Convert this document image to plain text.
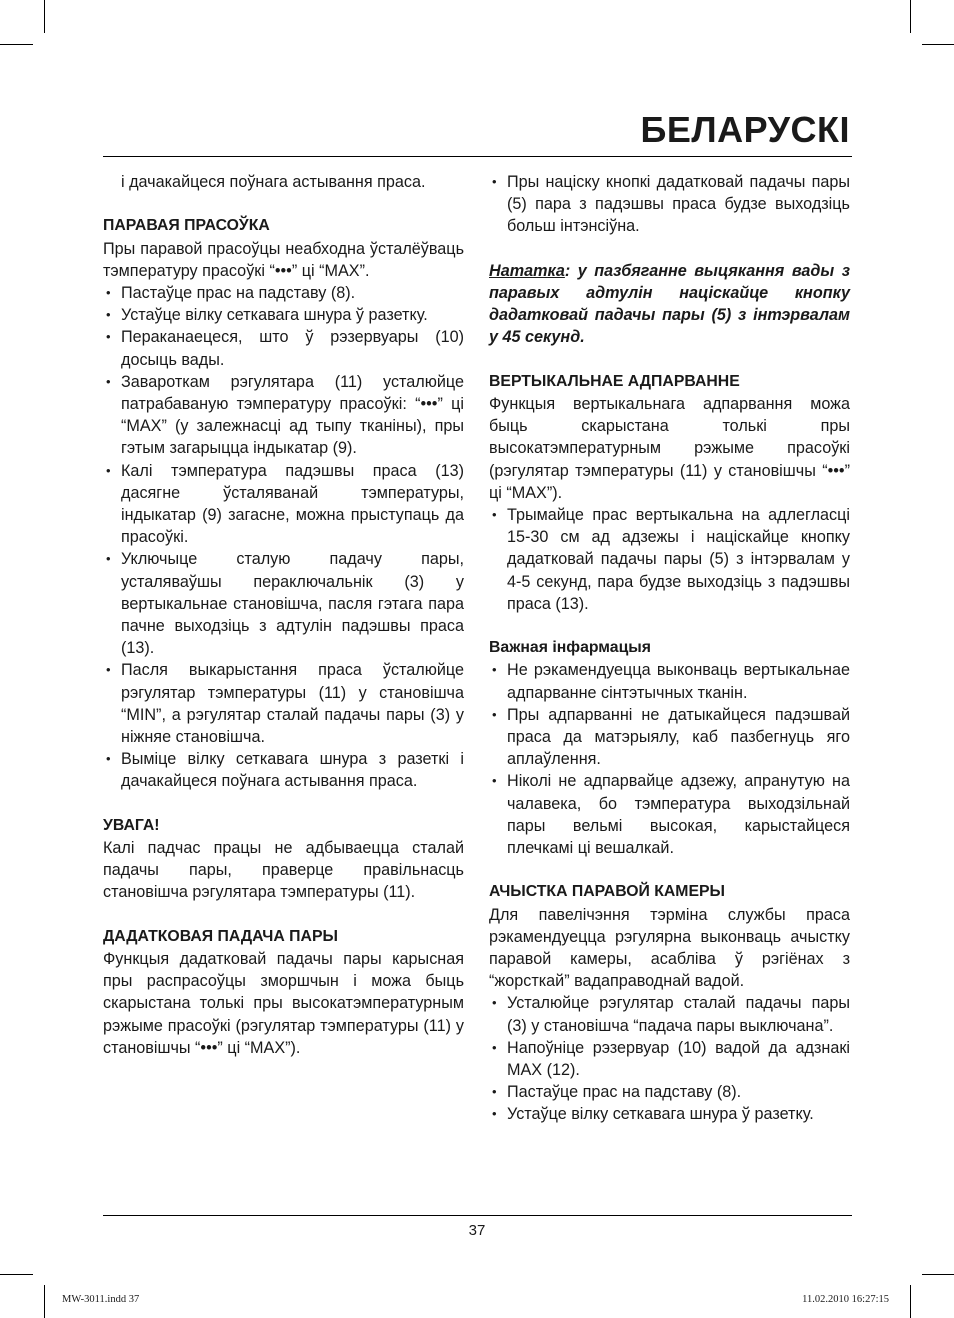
БЕЛАРУСКІ

і дачакайцеся поўнага астывання праса.

ПАРАВАЯ ПРАСОЎКА

Пры паравой прасоўцы неабходна ўсталёўваць тэмпературу прасоўкі “•••” ці “MAX”.

• Пастаўце прас на падставу (8).
• Устаўце вілку сеткавага шнура ў разетку.
• Пераканаецеся, што ў рэзервуары (10) досыць вады.
• Завароткам рэгулятара (11) усталюйце патрабаваную тэмпературу прасоўкі: “•••” ці “MAX” (у залежнасці ад тыпу тканіны), пры гэтым загарыцца індыкатар (9).
• Калі тэмпература падэшвы праса (13) дасягне ўсталяванай тэмпературы, індыкатар (9) загасне, можна прыступаць да прасоўкі.
• Уключыце сталую падачу пары, усталяваўшы пераключальнік (3) у вертыкальнае становішча, пасля гэтага пара пачне выходзіць з адтулін падэшвы праса (13).
• Пасля выкарыстання праса ўсталюйце рэгулятар тэмпературы (11) у становішча “MIN”, а рэгулятар сталай падачы пары (3) у ніжняе становішча.
• Выміце вілку сеткавага шнура з разеткі і дачакайцеся поўнага астывання праса.
УВАГА!

Калі падчас працы не адбываецца сталай падачы пары, праверце правільнасць становішча рэгулятара тэмпературы (11).

ДАДАТКОВАЯ ПАДАЧА ПАРЫ

Функцыя дадатковай падачы пары карысная пры распрасоўцы зморшчын і можа быць скарыстана толькі пры высокатэмпературным рэжыме прасоўкі (рэгулятар тэмпературы (11) у становішчы “•••” ці “MAX”).

• Пры націску кнопкі дадатковай падачы пары (5) пара з падэшвы праса будзе выходзіць больш інтэнсіўна.

Нататка: у пазбяганне выцякання вады з паравых адтулін націскайце кнопку дадатковай падачы пары (5) з інтэрвалам у 45 секунд.

ВЕРТЫКАЛЬНАЕ АДПАРВАННЕ

Функцыя вертыкальнага адпарвання можа быць скарыстана толькі пры высокатэмпературным рэжыме прасоўкі (рэгулятар тэмпературы (11) у становішчы “•••” ці “MAX”).

• Трымайце прас вертыкальна на адлегласці 15-30 см ад адзежы і націскайце кнопку дадатковай падачы пары (5) з інтэрвалам у 4-5 секунд, пара будзе выходзіць з падэшвы праса (13).
Важная інфармацыя
• Не рэкамендуецца выконваць вертыкальнае адпарванне сінтэтычных тканін.
• Пры адпарванні не датыкайцеся падэшвай праса да матэрыялу, каб пазбегнуць яго аплаўлення.
• Ніколі не адпарвайце адзежу, апранутую на чалавека, бо тэмпература выходзільнай пары вельмі высокая, карыстайцеся плечкамі ці вешалкай.
АЧЫСТКА ПАРАВОЙ КАМЕРЫ

Для павелічэння тэрміна службы праса рэкамендуецца рэгулярна выконваць ачыстку паравой камеры, асабліва ў рэгіёнах з “жорсткай” вадаправоднай вадой.

• Усталюйце рэгулятар сталай падачы пары (3) у становішча “падача пары выключана”.
• Напоўніце рэзервуар (10) вадой да адзнакі MAX (12).
• Пастаўце прас на падставу (8).
• Устаўце вілку сеткавага шнура ў разетку.

37

MW-3011.indd 37	11.02.2010 16:27:15
